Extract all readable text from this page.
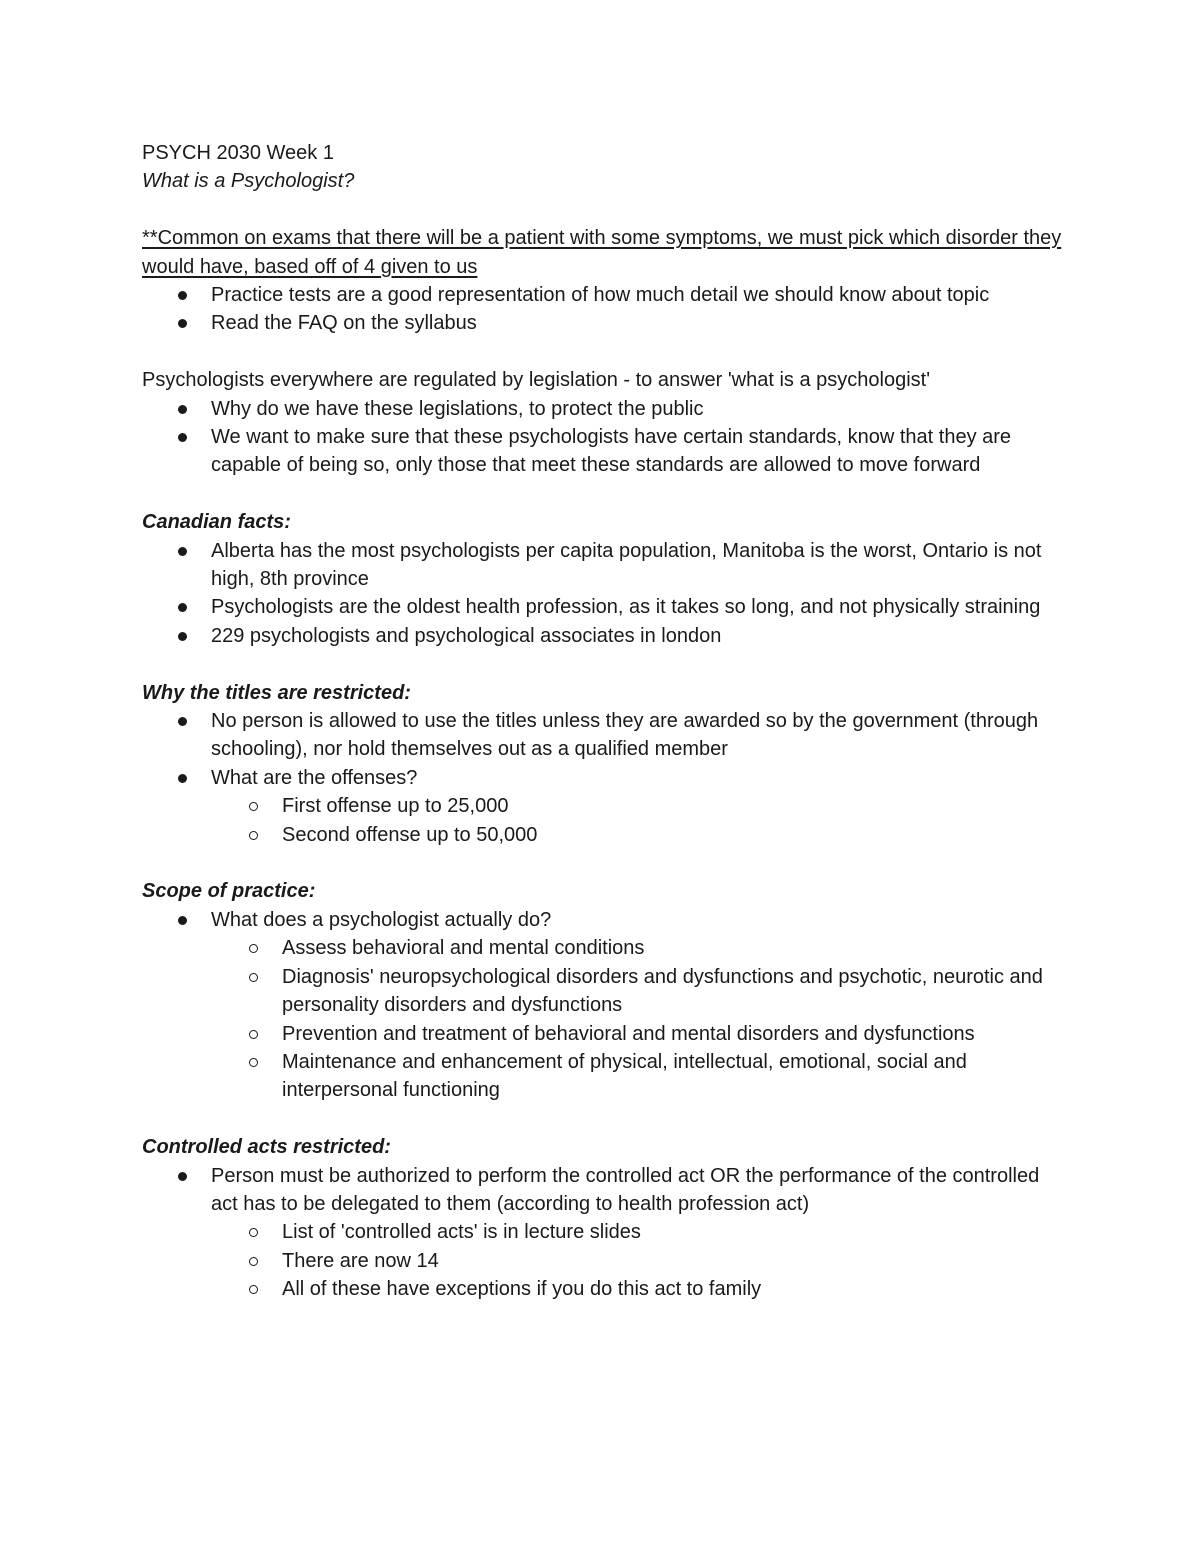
PSYCH 2030 Week 1

What is a Psychologist?

**Common on exams that there will be a patient with some symptoms, we must pick which disorder they would have, based off of 4 given to us

Practice tests are a good representation of how much detail we should know about topic
Read the FAQ on the syllabus

Psychologists everywhere are regulated by legislation - to answer 'what is a psychologist'

Why do we have these legislations, to protect the public
We want to make sure that these psychologists have certain standards, know that they are capable of being so, only those that meet these standards are allowed to move forward

Canadian facts:

Alberta has the most psychologists per capita population, Manitoba is the worst, Ontario is not high, 8th province
Psychologists are the oldest health profession, as it takes so long, and not physically straining
229 psychologists and psychological associates in london

Why the titles are restricted:

No person is allowed to use the titles unless they are awarded so by the government (through schooling), nor hold themselves out as a qualified member
What are the offenses?
First offense up to 25,000
Second offense up to 50,000

Scope of practice:

What does a psychologist actually do?
Assess behavioral and mental conditions
Diagnosis' neuropsychological disorders and dysfunctions and psychotic, neurotic and personality disorders and dysfunctions
Prevention and treatment of behavioral and mental disorders and dysfunctions
Maintenance and enhancement of physical, intellectual, emotional, social and interpersonal functioning

Controlled acts restricted:

Person must be authorized to perform the controlled act OR the performance of the controlled act has to be delegated to them (according to health profession act)
List of 'controlled acts' is in lecture slides
There are now 14
All of these have exceptions if you do this act to family
